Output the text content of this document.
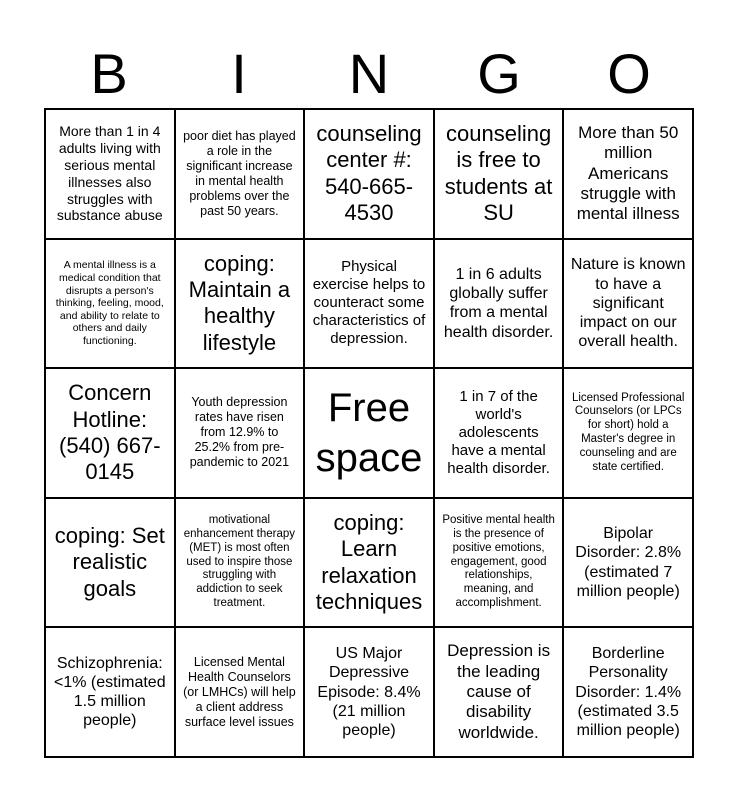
B	I	N	G	O
More than 1 in 4 adults living with serious mental illnesses also struggles with substance abuse
poor diet has played a role in the significant increase in mental health problems over the past 50 years.
counseling center #: 540-665-4530
counseling is free to students at SU
More than 50 million Americans struggle with mental illness
A mental illness is a medical condition that disrupts a person's thinking, feeling, mood, and ability to relate to others and daily functioning.
coping: Maintain a healthy lifestyle
Physical exercise helps to counteract some characteristics of depression.
1 in 6 adults globally suffer from a mental health disorder.
Nature is known to have a significant impact on our overall health.
Concern Hotline: (540) 667-0145
Youth depression rates have risen from 12.9% to 25.2% from pre-pandemic to 2021
Free space
1 in 7 of the world's adolescents have a mental health disorder.
Licensed Professional Counselors (or LPCs for short) hold a Master's degree in counseling and are state certified.
coping: Set realistic goals
motivational enhancement therapy (MET) is most often used to inspire those struggling with addiction to seek treatment.
coping: Learn relaxation techniques
Positive mental health is the presence of positive emotions, engagement, good relationships, meaning, and accomplishment.
Bipolar Disorder: 2.8% (estimated 7 million people)
Schizophrenia: <1% (estimated 1.5 million people)
Licensed Mental Health Counselors (or LMHCs) will help a client address surface level issues
US Major Depressive Episode: 8.4% (21 million people)
Depression is the leading cause of disability worldwide.
Borderline Personality Disorder: 1.4% (estimated 3.5 million people)
